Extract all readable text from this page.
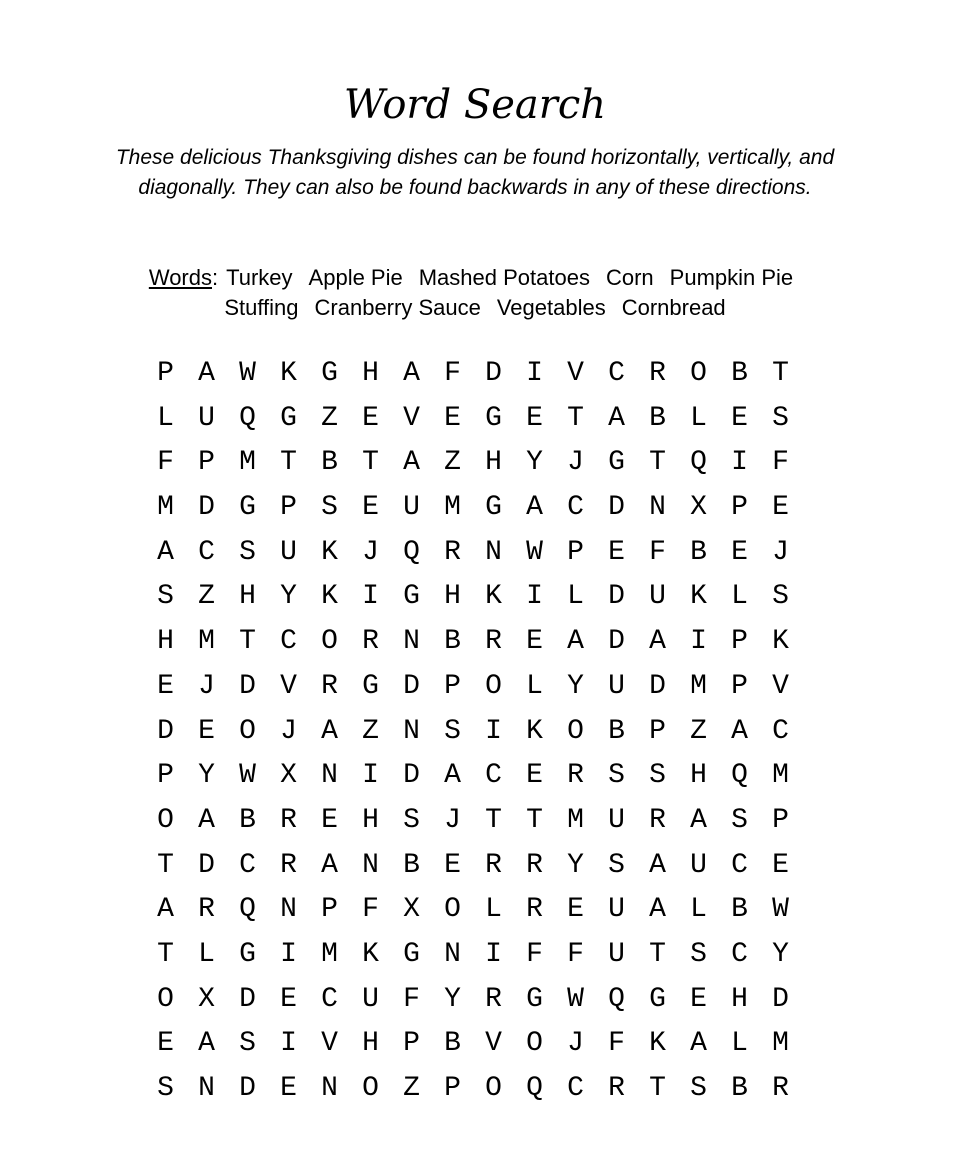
Word Search

These delicious Thanksgiving dishes can be found horizontally, vertically, and diagonally. They can also be found backwards in any of these directions.

Words: Turkey Apple Pie Mashed Potatoes Corn Pumpkin Pie
Stuffing Cranberry Sauce Vegetables Cornbread

P A W K G H A F D I V C R O B T
L U Q G Z E V E G E T A B L E S
F P M T B T A Z H Y J G T Q I F
M D G P S E U M G A C D N X P E
A C S U K J Q R N W P E F B E J
S Z H Y K I G H K I L D U K L S
H M T C O R N B R E A D A I P K
E J D V R G D P O L Y U D M P V
D E O J A Z N S I K O B P Z A C
P Y W X N I D A C E R S S H Q M
O A B R E H S J T T M U R A S P
T D C R A N B E R R Y S A U C E
A R Q N P F X O L R E U A L B W
T L G I M K G N I F F U T S C Y
O X D E C U F Y R G W Q G E H D
E A S I V H P B V O J F K A L M
S N D E N O Z P O Q C R T S B R
